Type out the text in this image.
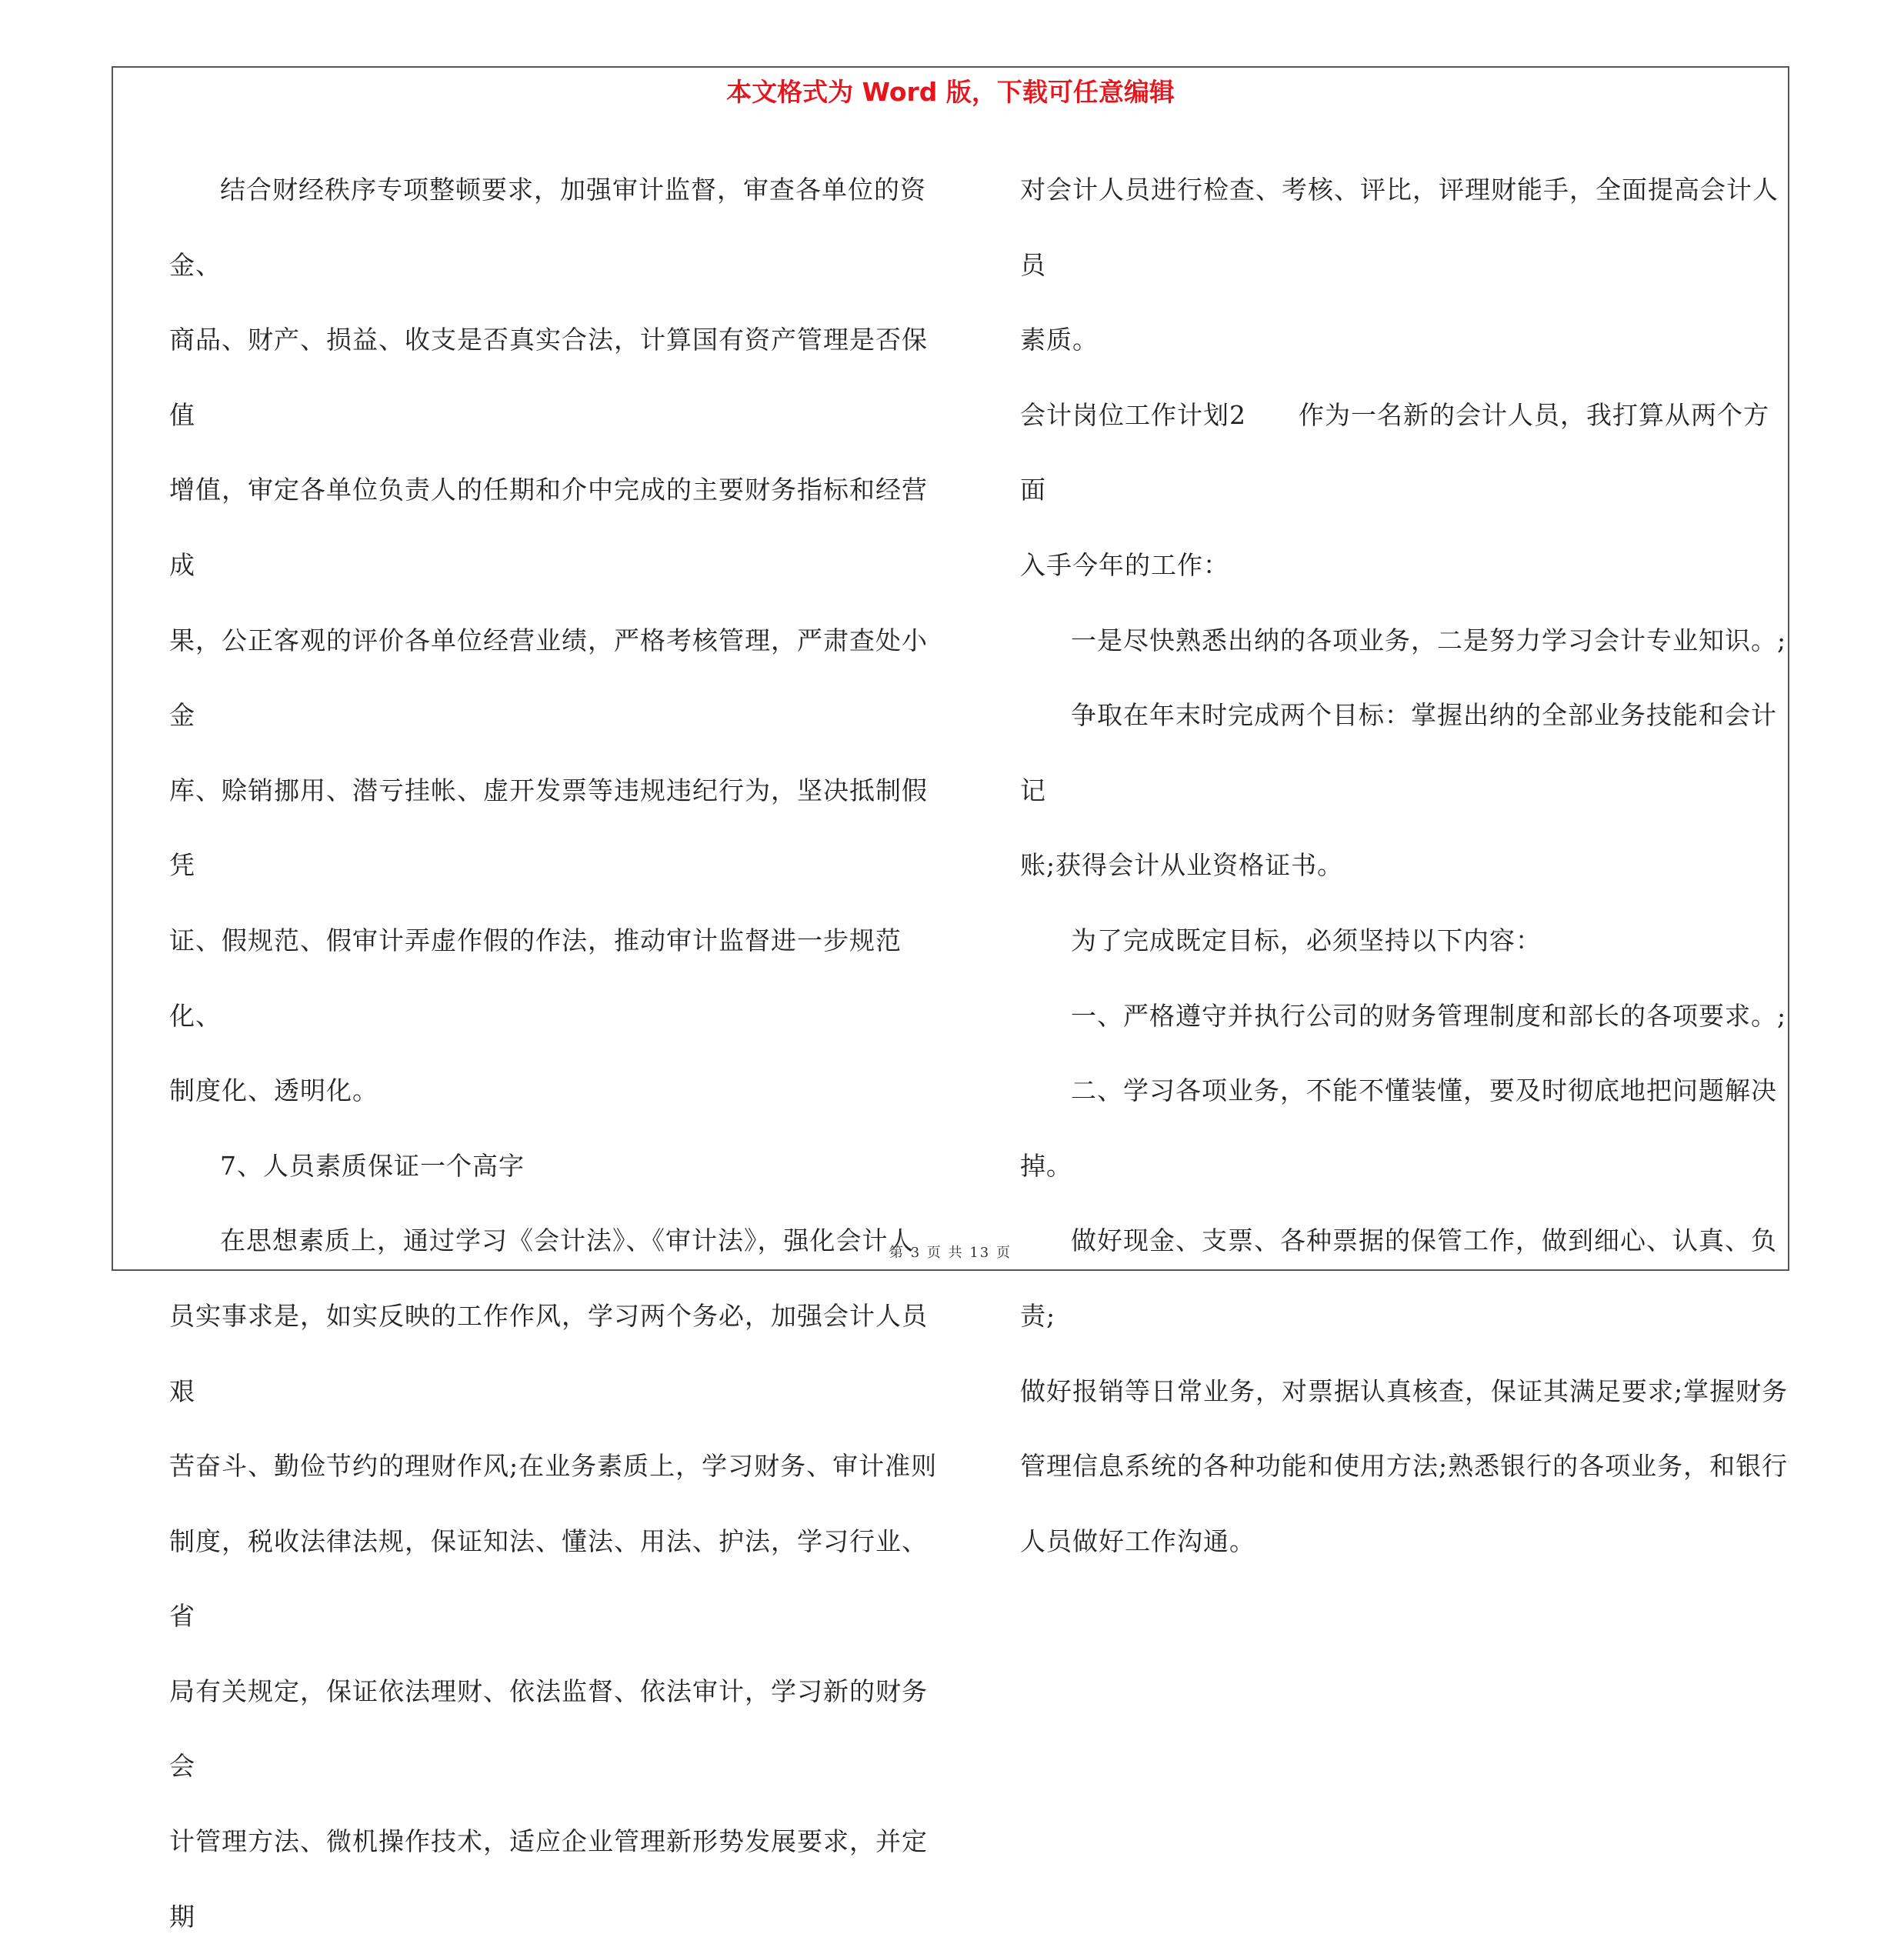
本文格式为 Word 版，下载可任意编辑

结合财经秩序专项整顿要求，加强审计监督，审查各单位的资金、

商品、财产、损益、收支是否真实合法，计算国有资产管理是否保值

增值，审定各单位负责人的任期和介中完成的主要财务指标和经营成

果，公正客观的评价各单位经营业绩，严格考核管理，严肃查处小金

库、赊销挪用、潜亏挂帐、虚开发票等违规违纪行为，坚决抵制假凭

证、假规范、假审计弄虚作假的作法，推动审计监督进一步规范化、

制度化、透明化。

7、人员素质保证一个高字

在思想素质上，通过学习《会计法》、《审计法》，强化会计人

员实事求是，如实反映的工作作风，学习两个务必，加强会计人员艰

苦奋斗、勤俭节约的理财作风;在业务素质上，学习财务、审计准则

制度，税收法律法规，保证知法、懂法、用法、护法，学习行业、省

局有关规定，保证依法理财、依法监督、依法审计，学习新的财务会

计管理方法、微机操作技术，适应企业管理新形势发展要求，并定期

对会计人员进行检查、考核、评比，评理财能手，全面提高会计人员

素质。

会计岗位工作计划2　　作为一名新的会计人员，我打算从两个方面

入手今年的工作：

一是尽快熟悉出纳的各项业务，二是努力学习会计专业知识。;

争取在年末时完成两个目标：掌握出纳的全部业务技能和会计记

账;获得会计从业资格证书。

为了完成既定目标，必须坚持以下内容：

一、严格遵守并执行公司的财务管理制度和部长的各项要求。;

二、学习各项业务，不能不懂装懂，要及时彻底地把问题解决掉。

做好现金、支票、各种票据的保管工作，做到细心、认真、负责;

做好报销等日常业务，对票据认真核查，保证其满足要求;掌握财务

管理信息系统的各种功能和使用方法;熟悉银行的各项业务，和银行

人员做好工作沟通。

第 3 页 共 13 页
